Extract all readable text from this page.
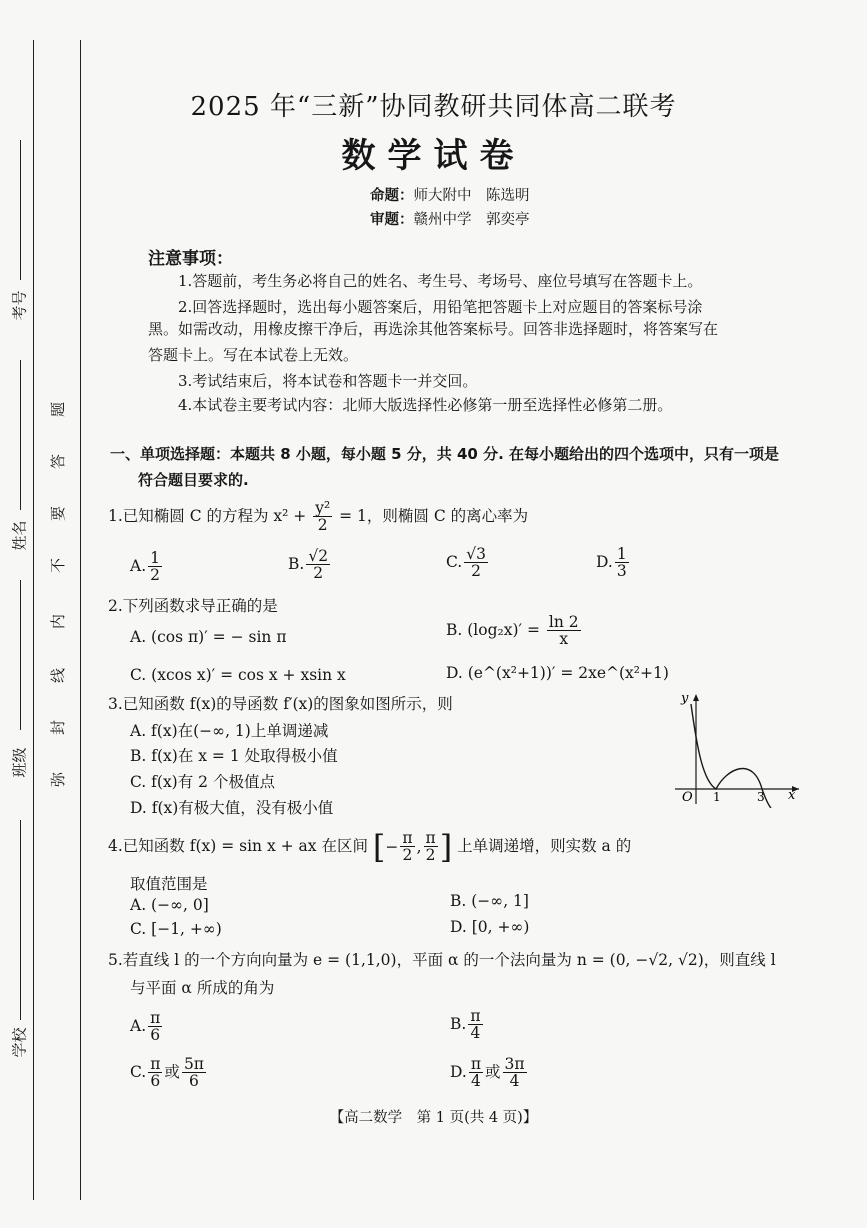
考号
姓名
班级
学校
题
答
要
不
内
线
封
弥
2025 年“三新”协同教研共同体高二联考
数学试卷
命题：师大附中　陈选明
审题：赣州中学　郭奕亭
注意事项：
1.答题前，考生务必将自己的姓名、考生号、考场号、座位号填写在答题卡上。
2.回答选择题时，选出每小题答案后，用铅笔把答题卡上对应题目的答案标号涂
黑。如需改动，用橡皮擦干净后，再选涂其他答案标号。回答非选择题时，将答案写在
答题卡上。写在本试卷上无效。
3.考试结束后，将本试卷和答题卡一并交回。
4.本试卷主要考试内容：北师大版选择性必修第一册至选择性必修第二册。
一、单项选择题：本题共 8 小题，每小题 5 分，共 40 分. 在每小题给出的四个选项中，只有一项是
符合题目要求的.
1.已知椭圆 C 的方程为 $x^2 + \frac{\text{y²}}{2} = 1$，则椭圆 C 的离心率为
A. $\frac{1}{2}$	B. $\frac{√2}{2}$	C. $\frac{√3}{2}$	D. $\frac{1}{3}$
2.下列函数求导正确的是
A. (cos π)′ = − sin π	B. $(\log_2x)' = \frac{\ln 2}{x}$
C. (xcos x)′ = cos x + xsin x	D. (e^(x²+1))′ = 2xe^(x²+1)
3.已知函数 f(x)的导函数 f′(x)的图象如图所示，则
A. f(x)在(−∞, 1)上单调递减
B. f(x)在 x = 1 处取得极小值
C. f(x)有 2 个极值点
D. f(x)有极大值，没有极小值
y
x
O 1	3
4.已知函数 f(x) = sin x + ax 在区间 [ − $\frac{\pi}{2}$ , $\frac{\pi}{2}$ ] 上单调递增，则实数 a 的
取值范围是
A. (−∞, 0]	B. (−∞, 1]
C. [−1, +∞)	D. [0, +∞)
5.若直线 l 的一个方向向量为 e = (1,1,0)，平面 α 的一个法向量为 n = (0, −√2, √2)，则直线 l
与平面 α 所成的角为
A. $\frac{\pi}{6}$	B. $\frac{\pi}{4}$
C. $\frac{\pi}{6}$ 或 $\frac{5\pi}{6}$	D. $\frac{\pi}{4}$ 或 $\frac{3\pi}{4}$
【高二数学　第 1 页(共 4 页)】
